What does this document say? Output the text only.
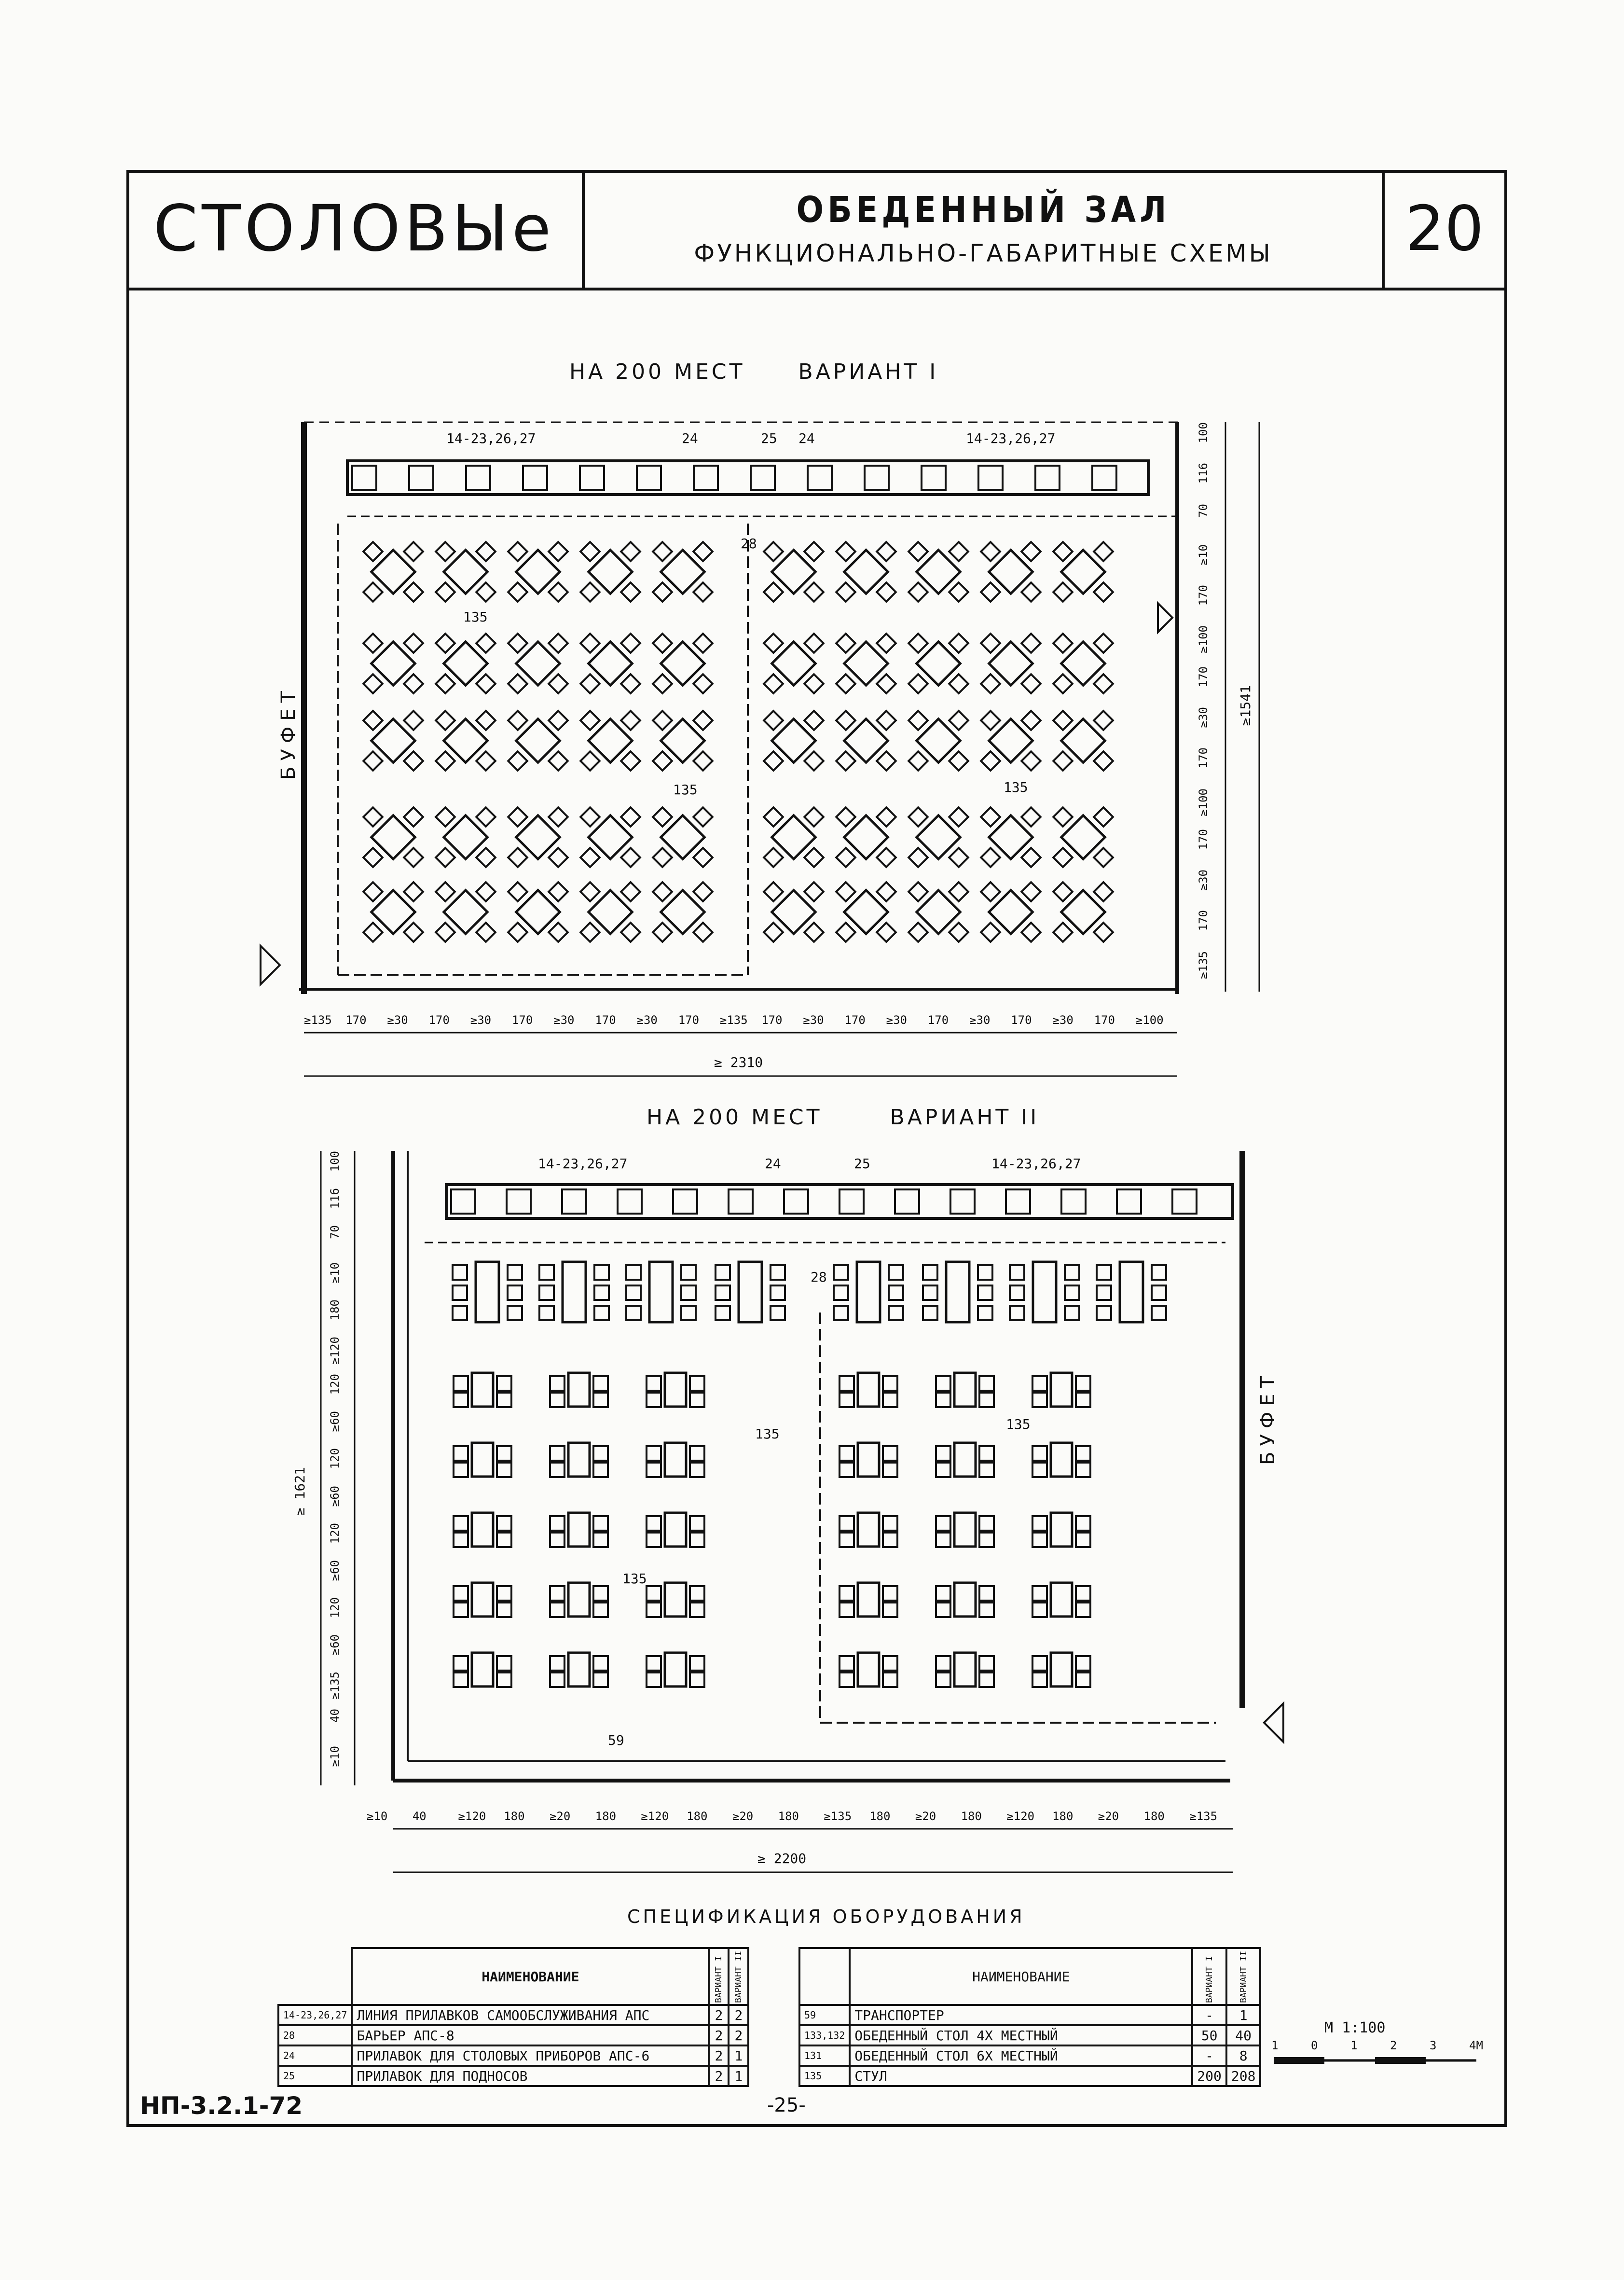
СТОЛОВЫе	ОБЕДЕННЫЙ ЗАЛ
ФУНКЦИОНАЛЬНО-ГАБАРИТНЫЕ СХЕМЫ	20
НА 200 МЕСТ	ВАРИАНТ I
НА 200 МЕСТ	ВАРИАНТ II
БУФЕТ
14-23,26,27	24	25 24	14-23,26,27
28
135
135	135
≥135 170 ≥30 170 ≥30 170 ≥30 170 ≥30 170 ≥135 170 ≥30 170 ≥30 170 ≥30 170 ≥30 170 ≥100
≥ 2310
100
116
70
≥10
170
≥100
170
≥30
170
≥100
170
≥30
170
≥135
≥1541
БУФЕТ
14-23,26,27	24	25	14-23,26,27
28
135
135
135
59
≥10 40	≥120 180 ≥20 180 ≥120 180 ≥20 180 ≥135 180 ≥20 180 ≥120 180 ≥20 180 ≥135
≥ 2200
100
116
70
≥10
180
≥120
120
≥60
120
≥60
120
≥60
120
≥60
≥135
40
≥10
≥ 1621
СПЕЦИФИКАЦИЯ ОБОРУДОВАНИЯ
	НАИМЕНОВАНИЕ	ВАРИАНТ I	ВАРИАНТ II
14-23,26,27	ЛИНИЯ ПРИЛАВКОВ САМООБСЛУЖИВАНИЯ АПС	2	2
28	БАРЬЕР АПС-8	2	2
24	ПРИЛАВОК ДЛЯ СТОЛОВЫХ ПРИБОРОВ АПС-6	2	1
25	ПРИЛАВОК ДЛЯ ПОДНОСОВ	2	1
	НАИМЕНОВАНИЕ	ВАРИАНТ I	ВАРИАНТ II
59	ТРАНСПОРТЕР	-	1
133,132	ОБЕДЕННЫЙ СТОЛ 4Х МЕСТНЫЙ	50	40
131	ОБЕДЕННЫЙ СТОЛ 6Х МЕСТНЫЙ	-	8
135	СТУЛ	200	208
М 1:100
1	0	1	2	3	4М
НП-3.2.1-72	-25-
